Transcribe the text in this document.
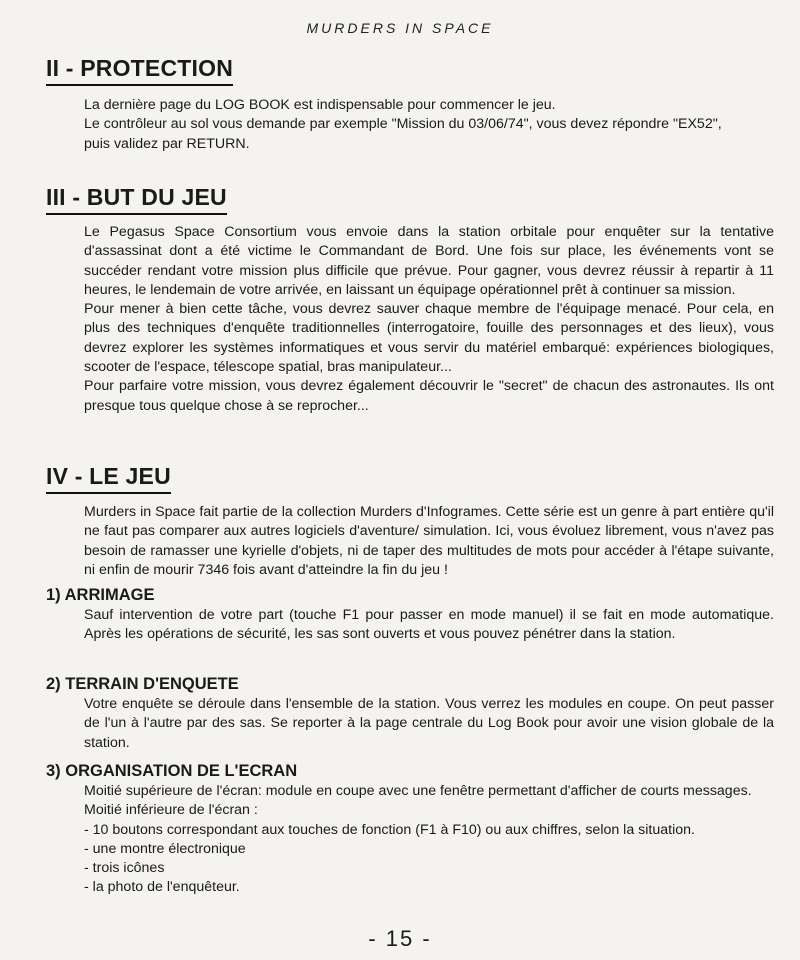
MURDERS IN SPACE
II - PROTECTION

La dernière page du LOG BOOK est indispensable pour commencer le jeu.

Le contrôleur au sol vous demande par exemple "Mission du 03/06/74", vous devez répondre "EX52",

puis validez par RETURN.

III - BUT DU JEU

Le Pegasus Space Consortium vous envoie dans la station orbitale pour enquêter sur la tentative d'assassinat dont a été victime le Commandant de Bord. Une fois sur place, les événements vont se succéder rendant votre mission plus difficile que prévue. Pour gagner, vous devrez réussir à repartir à 11 heures, le lendemain de votre arrivée, en laissant un équipage opérationnel prêt à continuer sa mission.

Pour mener à bien cette tâche, vous devrez sauver chaque membre de l'équipage menacé. Pour cela, en plus des techniques d'enquête traditionnelles (interrogatoire, fouille des personnages et des lieux), vous devrez explorer les systèmes informatiques et vous servir du matériel embarqué: expériences biologiques, scooter de l'espace, télescope spatial, bras manipulateur...

Pour parfaire votre mission, vous devrez également découvrir le "secret" de chacun des astronautes. Ils ont presque tous quelque chose à se reprocher...

IV - LE JEU

Murders in Space fait partie de la collection Murders d'Infogrames. Cette série est un genre à part entière qu'il ne faut pas comparer aux autres logiciels d'aventure/ simulation. Ici, vous évoluez librement, vous n'avez pas besoin de ramasser une kyrielle d'objets, ni de taper des multitudes de mots pour accéder à l'étape suivante, ni enfin de mourir 7346 fois avant d'atteindre la fin du jeu !

1) ARRIMAGE

Sauf intervention de votre part (touche F1 pour passer en mode manuel) il se fait en mode automatique. Après les opérations de sécurité, les sas sont ouverts et vous pouvez pénétrer dans la station.

2) TERRAIN D'ENQUETE

Votre enquête se déroule dans l'ensemble de la station. Vous verrez les modules en coupe. On peut passer de l'un à l'autre par des sas. Se reporter à la page centrale du Log Book pour avoir une vision globale de la station.

3) ORGANISATION DE L'ECRAN

Moitié supérieure de l'écran: module en coupe avec une fenêtre permettant d'afficher de courts messages.

Moitié inférieure de l'écran :

- 10 boutons correspondant aux touches de fonction (F1 à F10) ou aux chiffres, selon la situation.
- une montre électronique
- trois icônes
- la photo de l'enquêteur.
- 15 -
